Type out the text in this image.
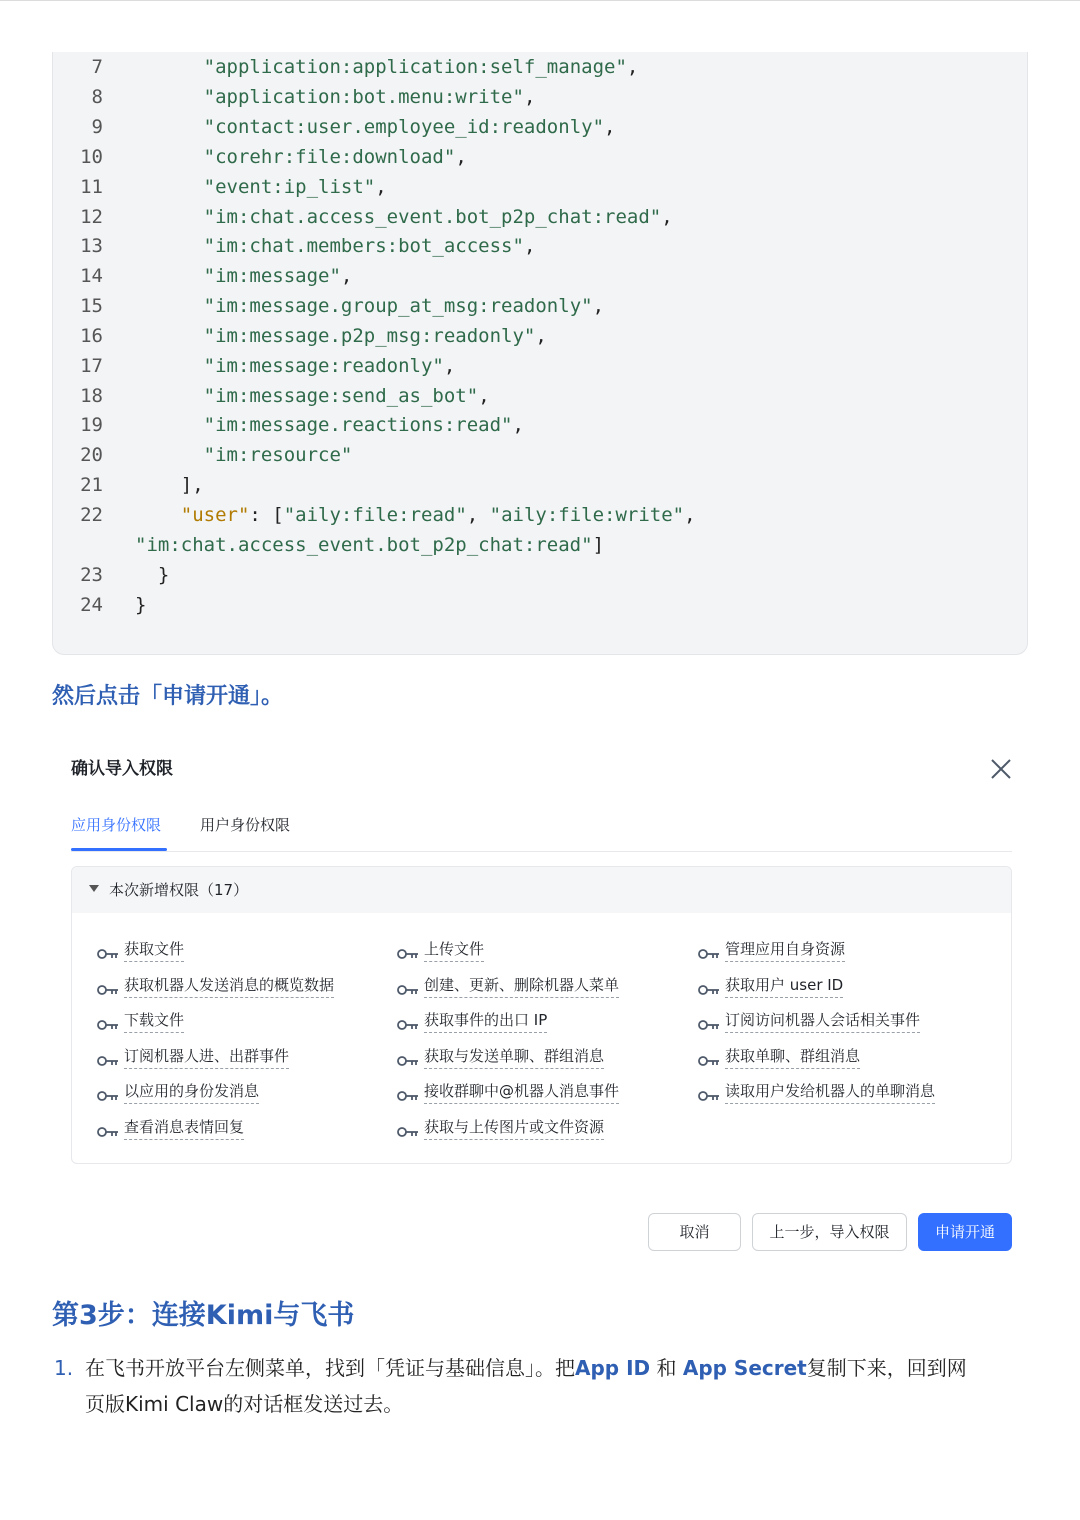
7	"application:application:self_manage",
8	"application:bot.menu:write",
9	"contact:user.employee_id:readonly",
10	"corehr:file:download",
11	"event:ip_list",
12	"im:chat.access_event.bot_p2p_chat:read",
13	"im:chat.members:bot_access",
14	"im:message",
15	"im:message.group_at_msg:readonly",
16	"im:message.p2p_msg:readonly",
17	"im:message:readonly",
18	"im:message:send_as_bot",
19	"im:message.reactions:read",
20	"im:resource"
21	],
22	"user": ["aily:file:read", "aily:file:write",
"im:chat.access_event.bot_p2p_chat:read"]
23	}
24 }
然后点击「申请开通」。
确认导入权限
应用身份权限	用户身份权限
本次新增权限（17）
获取文件
获取机器人发送消息的概览数据
下载文件
订阅机器人进、出群事件
以应用的身份发消息
查看消息表情回复
上传文件
创建、更新、删除机器人菜单
获取事件的出口 IP
获取与发送单聊、群组消息
接收群聊中@机器人消息事件
获取与上传图片或文件资源
管理应用自身资源
获取用户 user ID
订阅访问机器人会话相关事件
获取单聊、群组消息
读取用户发给机器人的单聊消息
取消	上一步，导入权限	申请开通
第3步：连接Kimi与飞书
1. 在飞书开放平台左侧菜单，找到「凭证与基础信息」。把App ID 和 App Secret复制下来，回到网
页版Kimi Claw的对话框发送过去。
